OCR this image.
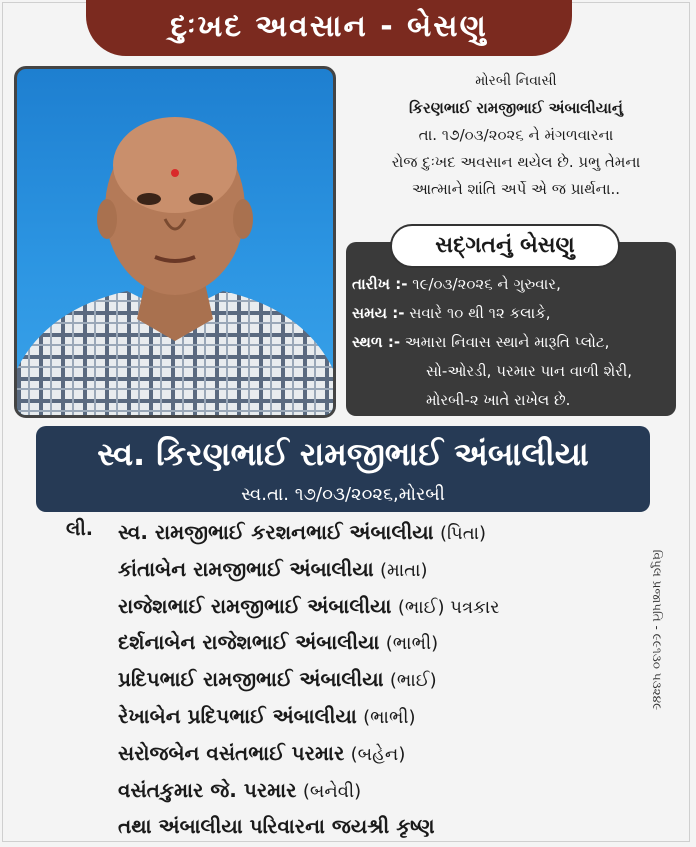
દુઃખદ અવસાન - બેસણુ
મોરબી નિવાસી
કિરણભાઈ રામજીભાઈ અંબાલીયાનું
તા. ૧૭/૦૩/૨૦૨૬ ને મંગળવારના
રોજ દુઃખદ અવસાન થયેલ છે. પ્રભુ તેમના
આત્માને શાંતિ અર્પે એ જ પ્રાર્થના..
સદ્ગતનું બેસણુ
તારીખ :- ૧૯/૦૩/૨૦૨૬ ને ગુરુવાર,
સમય :- સવારે ૧૦ થી ૧૨ કલાકે,
સ્થળ :- અમારા નિવાસ સ્થાને મારૂતિ પ્લોટ,
સો-ઓરડી, પરમાર પાન વાળી શેરી,
મોરબી-૨ ખાતે રાખેલ છે.
સ્વ. કિરણભાઈ રામજીભાઈ અંબાલીયા
સ્વ.તા. ૧૭/૦૩/૨૦૨૬,મોરબી
લી. સ્વ. રામજીભાઈ કરશનભાઈ અંબાલીયા (પિતા)
કાંતાબેન રામજીભાઈ અંબાલીયા (માતા)
રાજેશભાઈ રામજીભાઈ અંબાલીયા (ભાઈ) પત્રકાર
દર્શનાબેન રાજેશભાઈ અંબાલીયા (ભાભી)
પ્રદિપભાઈ રામજીભાઈ અંબાલીયા (ભાઈ)
રેખાબેન પ્રદિપભાઈ અંબાલીયા (ભાભી)
સરોજબેન વસંતભાઈ પરમાર (બહેન)
વસંતકુમાર જે. પરમાર (બનેવી)
તથા અંબાલીયા પરિવારના જયશ્રી કૃષ્ણ
વિપુલ પ્રજાપતિ - ૯૯૧૩૦ ૫૩૨૪૯
